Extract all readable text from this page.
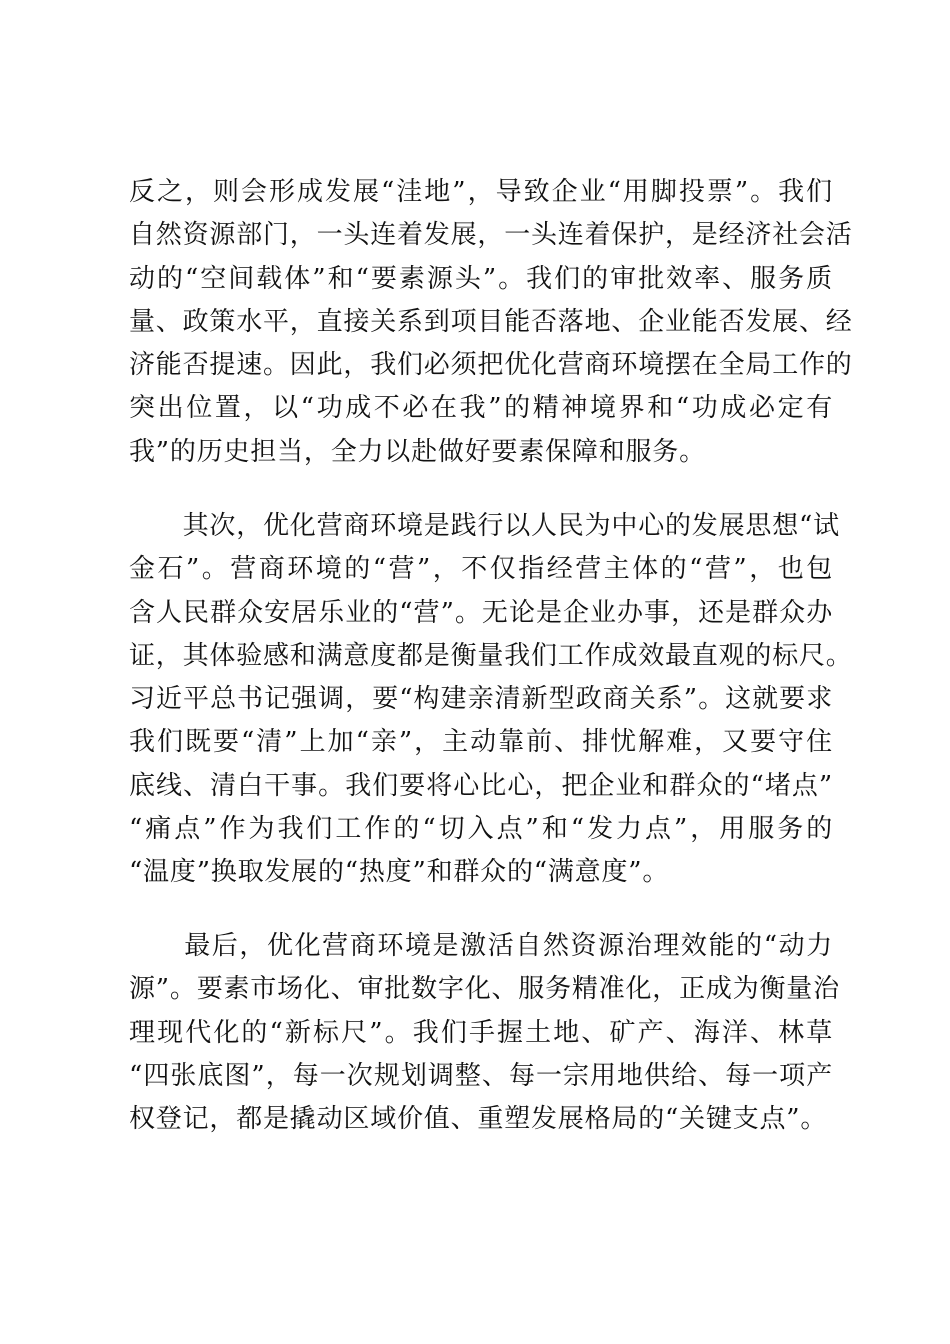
反之，则会形成发展“洼地”，导致企业“用脚投票”。我们
自然资源部门，一头连着发展，一头连着保护，是经济社会活
动的“空间载体”和“要素源头”。我们的审批效率、服务质
量、政策水平，直接关系到项目能否落地、企业能否发展、经
济能否提速。因此，我们必须把优化营商环境摆在全局工作的
突出位置，以“功成不必在我”的精神境界和“功成必定有
我”的历史担当，全力以赴做好要素保障和服务。
　　其次，优化营商环境是践行以人民为中心的发展思想“试
金石”。营商环境的“营”，不仅指经营主体的“营”，也包
含人民群众安居乐业的“营”。无论是企业办事，还是群众办
证，其体验感和满意度都是衡量我们工作成效最直观的标尺。
习近平总书记强调，要“构建亲清新型政商关系”。这就要求
我们既要“清”上加“亲”，主动靠前、排忧解难，又要守住
底线、清白干事。我们要将心比心，把企业和群众的“堵点”
“痛点”作为我们工作的“切入点”和“发力点”，用服务的
“温度”换取发展的“热度”和群众的“满意度”。
　　最后，优化营商环境是激活自然资源治理效能的“动力
源”。要素市场化、审批数字化、服务精准化，正成为衡量治
理现代化的“新标尺”。我们手握土地、矿产、海洋、林草
“四张底图”，每一次规划调整、每一宗用地供给、每一项产
权登记，都是撬动区域价值、重塑发展格局的“关键支点”。
